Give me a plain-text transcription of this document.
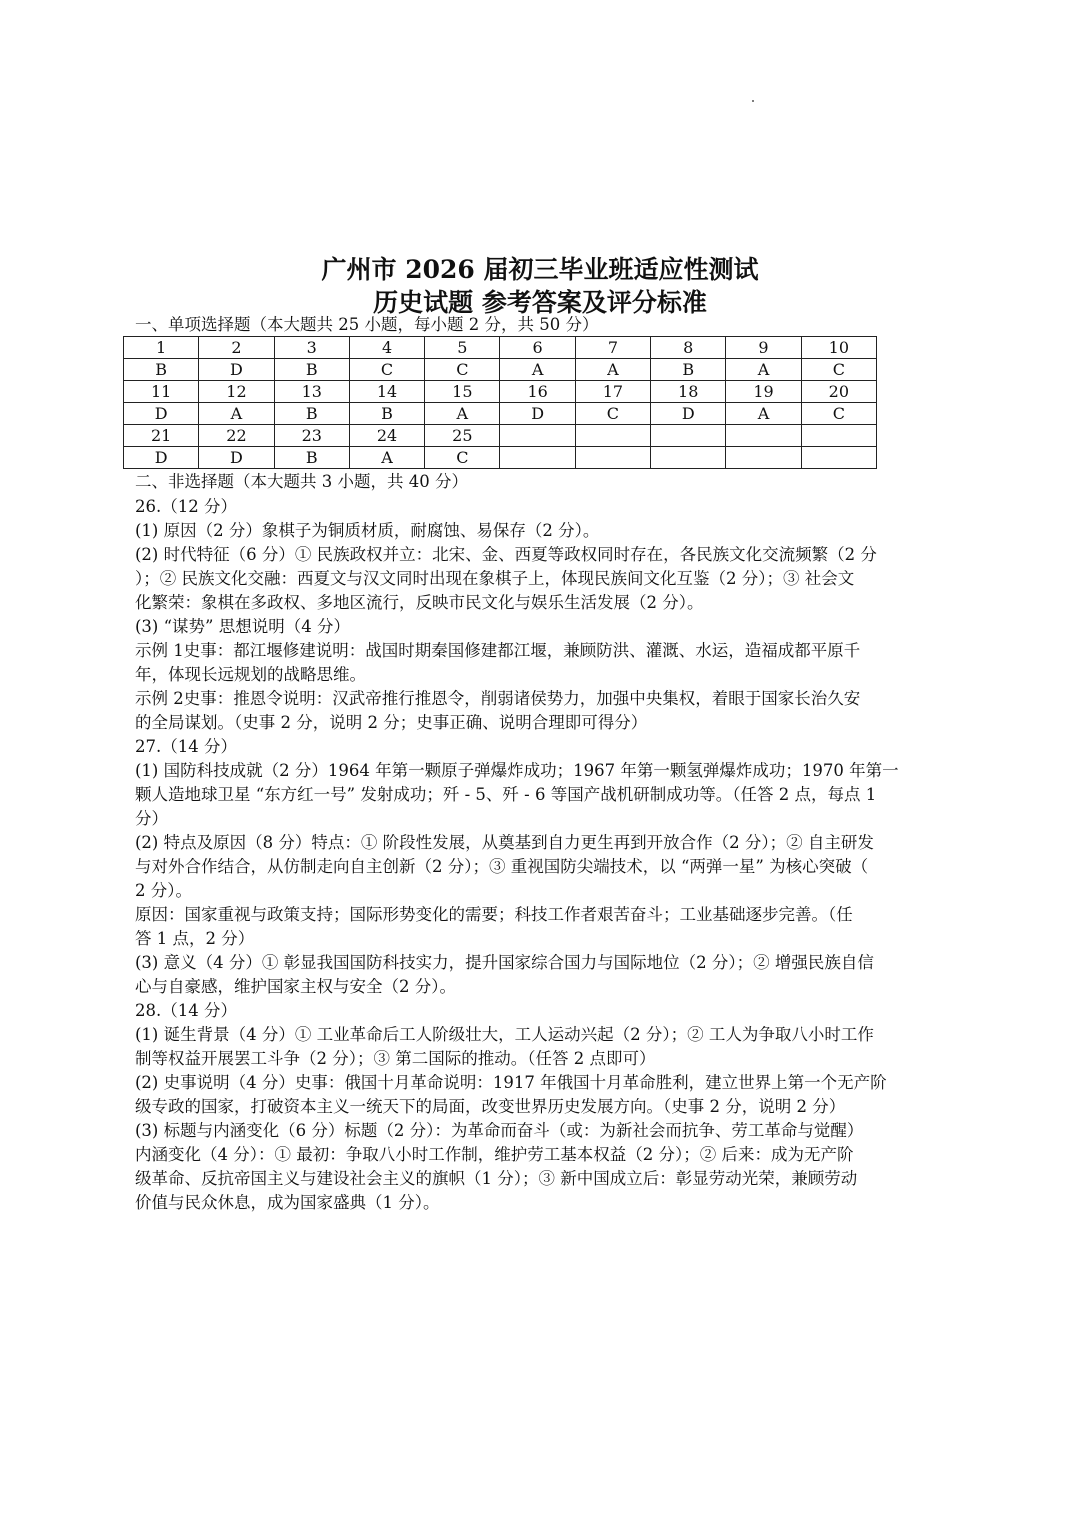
广州市 2026 届初三毕业班适应性测试
历史试题 参考答案及评分标准
一、单项选择题（本大题共 25 小题，每小题 2 分，共 50 分）
1	2	3	4	5	6	7	8	9	10
B	D	B	C	C	A	A	B	A	C
11	12	13	14	15	16	17	18	19	20
D	A	B	B	A	D	C	D	A	C
21	22	23	24	25					
D	D	B	A	C					
二、非选择题（本大题共 3 小题，共 40 分）
26.（12 分）
(1) 原因（2 分）象棋子为铜质材质，耐腐蚀、易保存（2 分）。
(2) 时代特征（6 分）① 民族政权并立：北宋、金、西夏等政权同时存在，各民族文化交流频繁（2 分
）；② 民族文化交融：西夏文与汉文同时出现在象棋子上，体现民族间文化互鉴（2 分）；③ 社会文
化繁荣：象棋在多政权、多地区流行，反映市民文化与娱乐生活发展（2 分）。
(3) “谋势” 思想说明（4 分）
示例 1史事：都江堰修建说明：战国时期秦国修建都江堰，兼顾防洪、灌溉、水运，造福成都平原千
年，体现长远规划的战略思维。
示例 2史事：推恩令说明：汉武帝推行推恩令，削弱诸侯势力，加强中央集权，着眼于国家长治久安
的全局谋划。（史事 2 分，说明 2 分；史事正确、说明合理即可得分）
27.（14 分）
(1) 国防科技成就（2 分）1964 年第一颗原子弹爆炸成功；1967 年第一颗氢弹爆炸成功；1970 年第一
颗人造地球卫星 “东方红一号” 发射成功；歼 - 5、歼 - 6 等国产战机研制成功等。（任答 2 点，每点 1
分）
(2) 特点及原因（8 分）特点：① 阶段性发展，从奠基到自力更生再到开放合作（2 分）；② 自主研发
与对外合作结合，从仿制走向自主创新（2 分）；③ 重视国防尖端技术，以 “两弹一星” 为核心突破（
2 分）。
原因：国家重视与政策支持；国际形势变化的需要；科技工作者艰苦奋斗；工业基础逐步完善。（任
答 1 点，2 分）
(3) 意义（4 分）① 彰显我国国防科技实力，提升国家综合国力与国际地位（2 分）；② 增强民族自信
心与自豪感，维护国家主权与安全（2 分）。
28.（14 分）
(1) 诞生背景（4 分）① 工业革命后工人阶级壮大，工人运动兴起（2 分）；② 工人为争取八小时工作
制等权益开展罢工斗争（2 分）；③ 第二国际的推动。（任答 2 点即可）
(2) 史事说明（4 分）史事：俄国十月革命说明：1917 年俄国十月革命胜利，建立世界上第一个无产阶
级专政的国家，打破资本主义一统天下的局面，改变世界历史发展方向。（史事 2 分，说明 2 分）
(3) 标题与内涵变化（6 分）标题（2 分）：为革命而奋斗（或：为新社会而抗争、劳工革命与觉醒）
内涵变化（4 分）：① 最初：争取八小时工作制，维护劳工基本权益（2 分）；② 后来：成为无产阶
级革命、反抗帝国主义与建设社会主义的旗帜（1 分）；③ 新中国成立后：彰显劳动光荣，兼顾劳动
价值与民众休息，成为国家盛典（1 分）。
